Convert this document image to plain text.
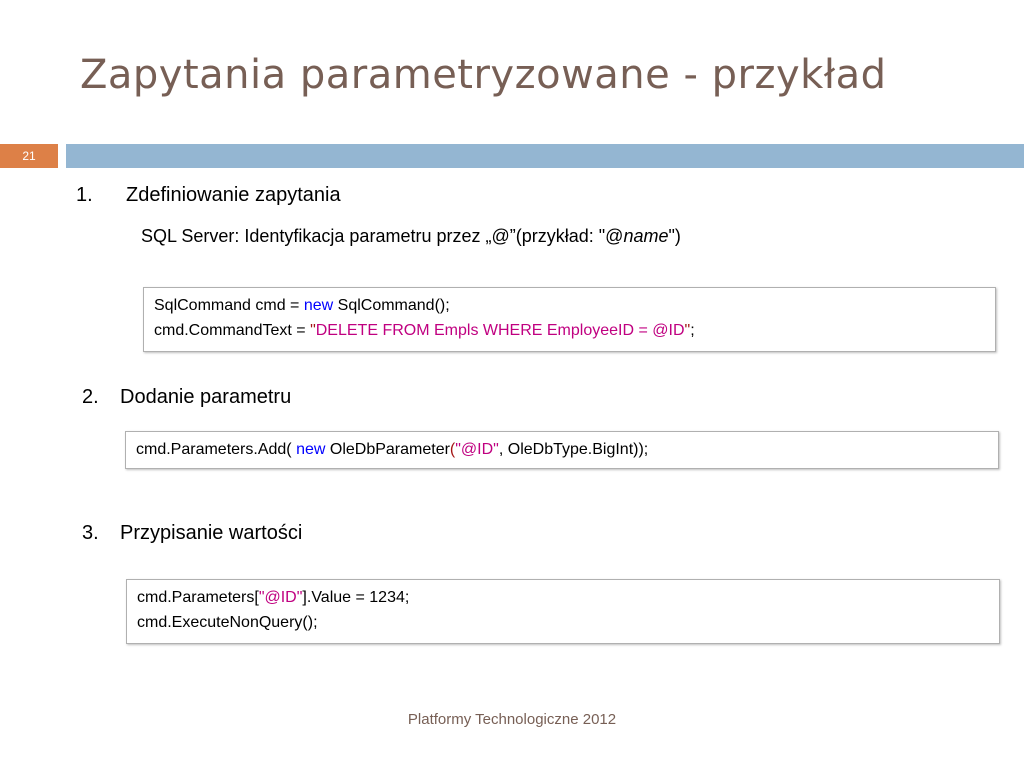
Zapytania parametryzowane - przykład
21
1. Zdefiniowanie zapytania
SQL Server: Identyfikacja parametru przez „@”(przykład: "@name")
SqlCommand cmd = new SqlCommand();
cmd.CommandText = "DELETE FROM Empls WHERE EmployeeID = @ID";
2. Dodanie parametru
cmd.Parameters.Add( new OleDbParameter("@ID", OleDbType.BigInt));
3. Przypisanie wartości
cmd.Parameters["@ID"].Value = 1234;
cmd.ExecuteNonQuery();
Platformy Technologiczne 2012
